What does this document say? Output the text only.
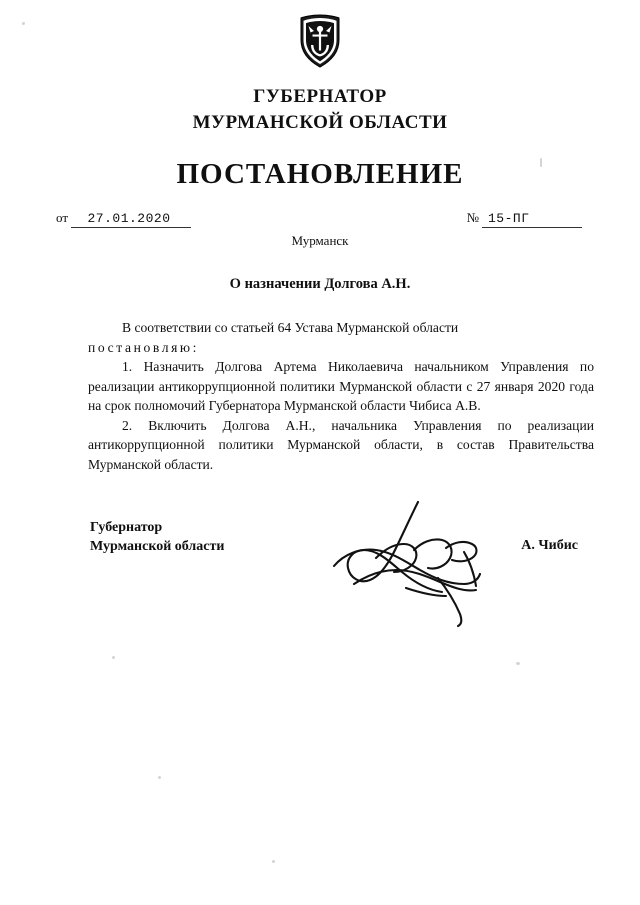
ГУБЕРНАТОР
МУРМАНСКОЙ ОБЛАСТИ
ПОСТАНОВЛЕНИЕ
от	27.01.2020	№ 15-ПГ
Мурманск
О назначении Долгова А.Н.

В соответствии со статьей 64 Устава Мурманской области
постановляю:

1. Назначить Долгова Артема Николаевича начальником Управления по реализации антикоррупционной политики Мурманской области с 27 января 2020 года на срок полномочий Губернатора Мурманской области Чибиса А.В.

2. Включить Долгова А.Н., начальника Управления по реализации антикоррупционной политики Мурманской области, в состав Правительства Мурманской области.

Губернатор
Мурманской области	А. Чибис
